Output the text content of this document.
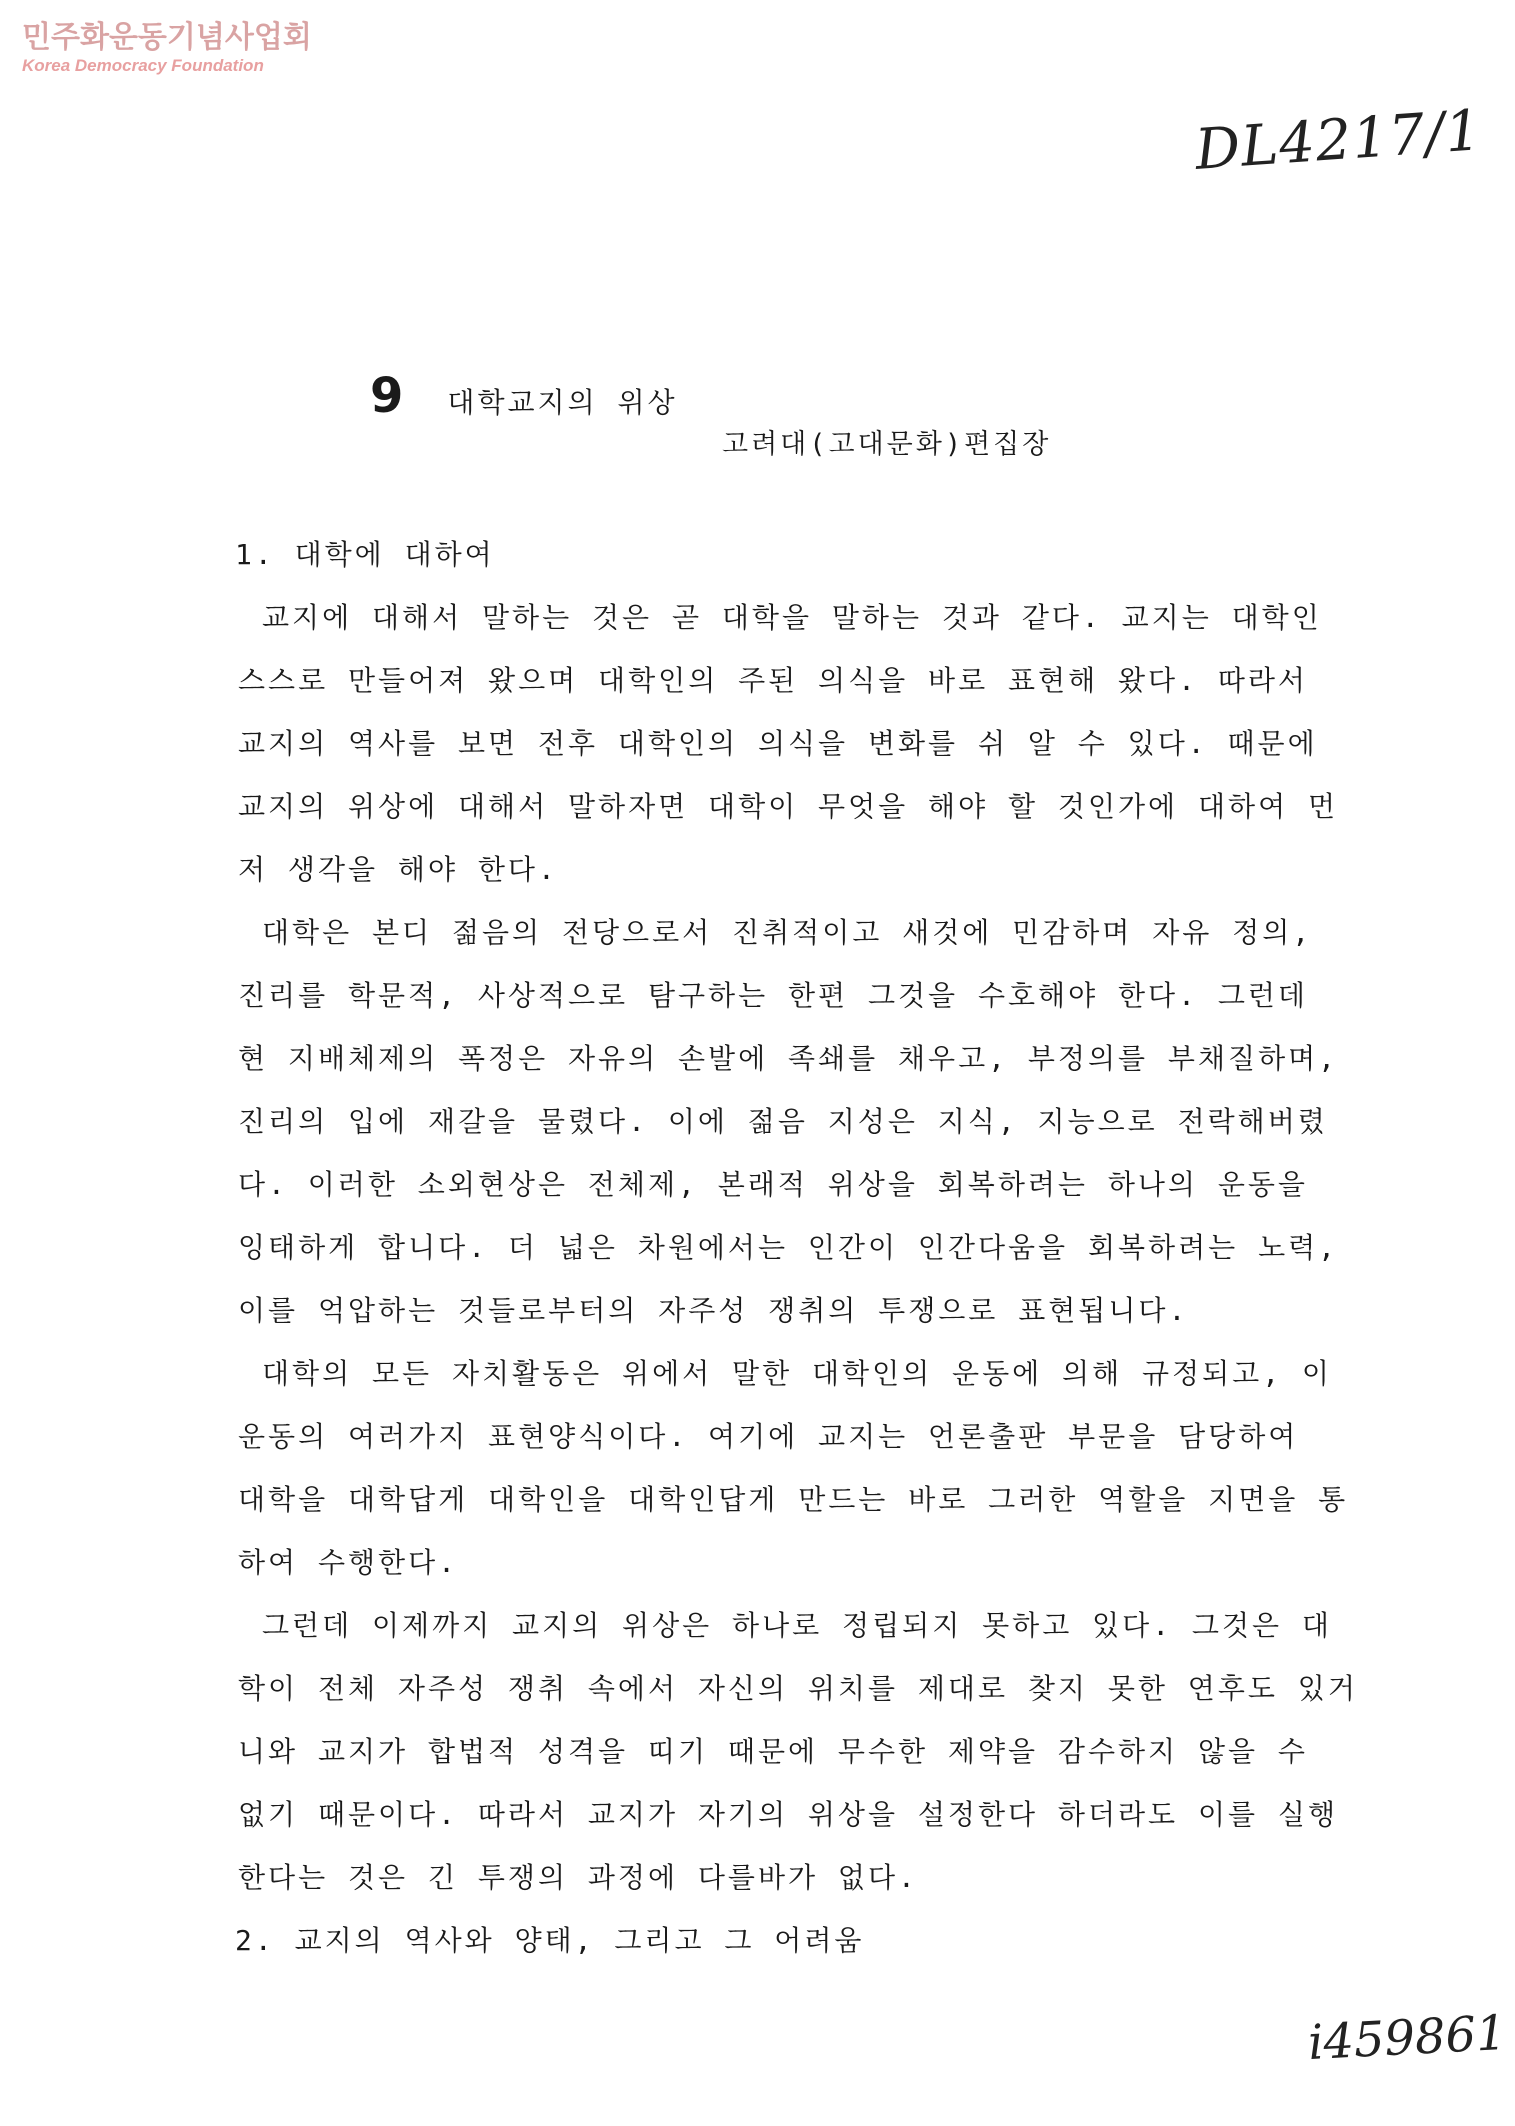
민주화운동기념사업회
Korea Democracy Foundation
DL4217/1
9 대학교지의 위상
고려대(고대문화)편집장
1. 대학에 대하여
교지에 대해서 말하는 것은 곧 대학을 말하는 것과 같다. 교지는 대학인
스스로 만들어져 왔으며 대학인의 주된 의식을 바로 표현해 왔다. 따라서
교지의 역사를 보면 전후 대학인의 의식을 변화를 쉬 알 수 있다. 때문에
교지의 위상에 대해서 말하자면 대학이 무엇을 해야 할 것인가에 대하여 먼
저 생각을 해야 한다.
대학은 본디 젊음의 전당으로서 진취적이고 새것에 민감하며 자유 정의,
진리를 학문적, 사상적으로 탐구하는 한편 그것을 수호해야 한다. 그런데
현 지배체제의 폭정은 자유의 손발에 족쇄를 채우고, 부정의를 부채질하며,
진리의 입에 재갈을 물렸다. 이에 젊음 지성은 지식, 지능으로 전락해버렸
다. 이러한 소외현상은 전체제, 본래적 위상을 회복하려는 하나의 운동을
잉태하게 합니다. 더 넓은 차원에서는 인간이 인간다움을 회복하려는 노력,
이를 억압하는 것들로부터의 자주성 쟁취의 투쟁으로 표현됩니다.
대학의 모든 자치활동은 위에서 말한 대학인의 운동에 의해 규정되고, 이
운동의 여러가지 표현양식이다. 여기에 교지는 언론출판 부문을 담당하여
대학을 대학답게 대학인을 대학인답게 만드는 바로 그러한 역할을 지면을 통
하여 수행한다.
그런데 이제까지 교지의 위상은 하나로 정립되지 못하고 있다. 그것은 대
학이 전체 자주성 쟁취 속에서 자신의 위치를 제대로 찾지 못한 연후도 있거
니와 교지가 합법적 성격을 띠기 때문에 무수한 제약을 감수하지 않을 수
없기 때문이다. 따라서 교지가 자기의 위상을 설정한다 하더라도 이를 실행
한다는 것은 긴 투쟁의 과정에 다를바가 없다.
2. 교지의 역사와 양태, 그리고 그 어려움
i459861
